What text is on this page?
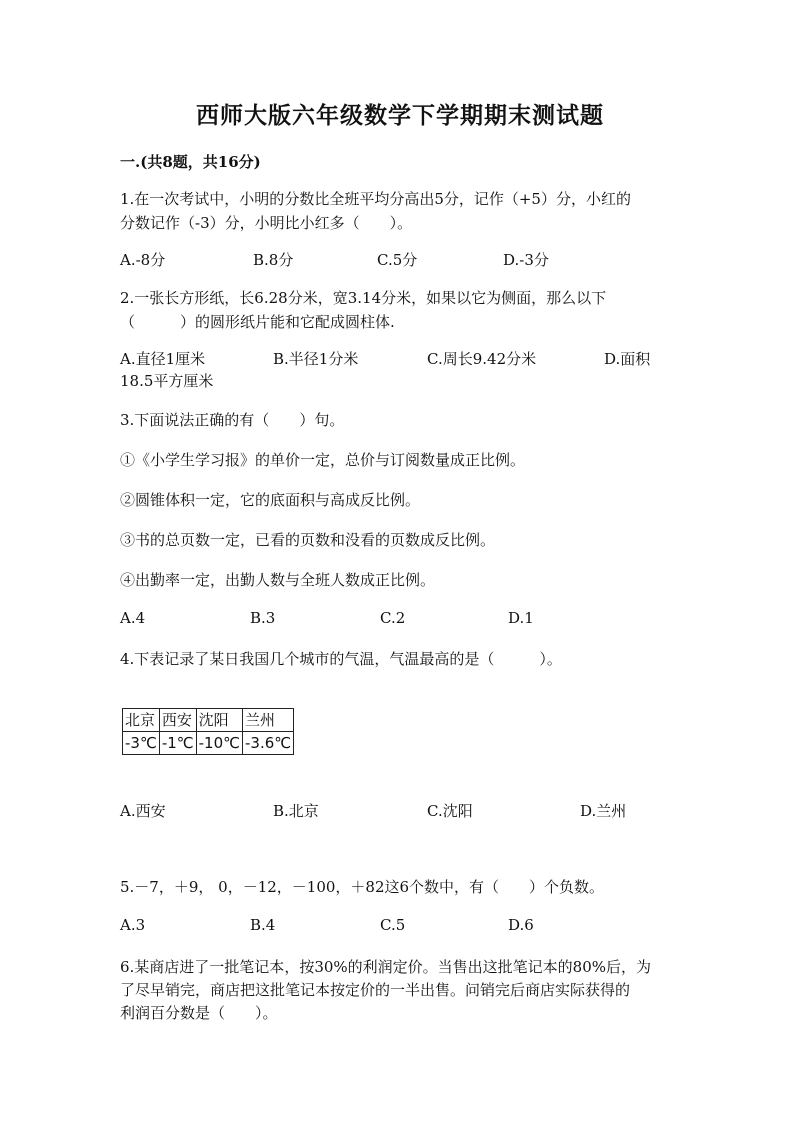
西师大版六年级数学下学期期末测试题
一.(共8题，共16分)
1.在一次考试中，小明的分数比全班平均分高出5分，记作（+5）分，小红的
分数记作（-3）分，小明比小红多（　　）。
A.-8分	B.8分	C.5分	D.-3分
2.一张长方形纸，长6.28分米，宽3.14分米，如果以它为侧面，那么以下
（　　　）的圆形纸片能和它配成圆柱体.
A.直径1厘米	B.半径1分米	C.周长9.42分米	D.面积
18.5平方厘米
3.下面说法正确的有（　　）句。
①《小学生学习报》的单价一定，总价与订阅数量成正比例。
②圆锥体积一定，它的底面积与高成反比例。
③书的总页数一定，已看的页数和没看的页数成反比例。
④出勤率一定，出勤人数与全班人数成正比例。
A.4	B.3	C.2	D.1
4.下表记录了某日我国几个城市的气温，气温最高的是（　　　）。
北京	西安	沈阳	兰州
-3℃	-1℃	-10℃	-3.6℃
A.西安	B.北京	C.沈阳	D.兰州
5.－7，＋9， 0，－12，－100，＋82这6个数中，有（　　）个负数。
A.3	B.4	C.5	D.6
6.某商店进了一批笔记本，按30%的利润定价。当售出这批笔记本的80%后，为
了尽早销完，商店把这批笔记本按定价的一半出售。问销完后商店实际获得的
利润百分数是（　　）。
